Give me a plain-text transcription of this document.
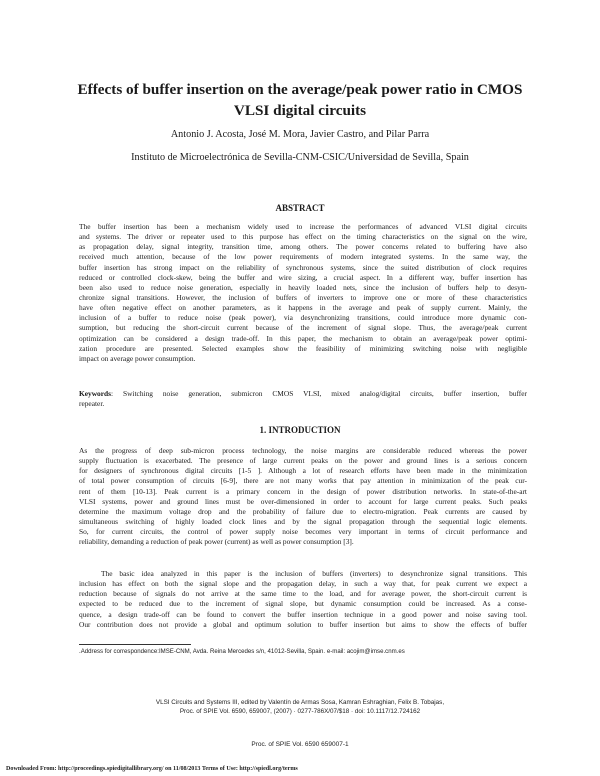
Effects of buffer insertion on the average/peak power ratio in CMOS
VLSI digital circuits
Antonio J. Acosta, José M. Mora, Javier Castro, and Pilar Parra
Instituto de Microelectrónica de Sevilla-CNM-CSIC/Universidad de Sevilla, Spain
ABSTRACT
The buffer insertion has been a mechanism widely used to increase the performances of advanced VLSI digital circuits
and systems. The driver or repeater used to this purpose has effect on the timing characteristics on the signal on the wire,
as propagation delay, signal integrity, transition time, among others. The power concerns related to buffering have also
received much attention, because of the low power requirements of modern integrated systems. In the same way, the
buffer insertion has strong impact on the reliability of synchronous systems, since the suited distribution of clock requires
reduced or controlled clock-skew, being the buffer and wire sizing, a crucial aspect. In a different way, buffer insertion has
been also used to reduce noise generation, especially in heavily loaded nets, since the inclusion of buffers help to desyn-
chronize signal transitions. However, the inclusion of buffers of inverters to improve one or more of these characteristics
have often negative effect on another parameters, as it happens in the average and peak of supply current. Mainly, the
inclusion of a buffer to reduce noise (peak power), via desynchronizing transitions, could introduce more dynamic con-
sumption, but reducing the short-circuit current because of the increment of signal slope. Thus, the average/peak current
optimization can be considered a design trade-off. In this paper, the mechanism to obtain an average/peak power optimi-
zation procedure are presented. Selected examples show the feasibility of minimizing switching noise with negligible
impact on average power consumption.
Keywords: Switching noise generation, submicron CMOS VLSI, mixed analog/digital circuits, buffer insertion, buffer
repeater.
1. INTRODUCTION
As the progress of deep sub-micron process technology, the noise margins are considerable reduced whereas the power
supply fluctuation is exacerbated. The presence of large current peaks on the power and ground lines is a serious concern
for designers of synchronous digital circuits [1-5 ]. Although a lot of research efforts have been made in the minimization
of total power consumption of circuits [6-9], there are not many works that pay attention in minimization of the peak cur-
rent of them [10-13]. Peak current is a primary concern in the design of power distribution networks. In state-of-the-art
VLSI systems, power and ground lines must be over-dimensioned in order to account for large current peaks. Such peaks
determine the maximum voltage drop and the probability of failure due to electro-migration. Peak currents are caused by
simultaneous switching of highly loaded clock lines and by the signal propagation through the sequential logic elements.
So, for current circuits, the control of power supply noise becomes very important in terms of circuit performance and
reliability, demanding a reduction of peak power (current) as well as power consumption [3].
The basic idea analyzed in this paper is the inclusion of buffers (inverters) to desynchronize signal transitions. This
inclusion has effect on both the signal slope and the propagation delay, in such a way that, for peak current we expect a
reduction because of signals do not arrive at the same time to the load, and for average power, the short-circuit current is
expected to be reduced due to the increment of signal slope, but dynamic consumption could be increased. As a conse-
quence, a design trade-off can be found to convert the buffer insertion technique in a good power and noise saving tool.
Our contribution does not provide a global and optimum solution to buffer insertion but aims to show the effects of buffer
.Address for correspondence:IMSE-CNM, Avda. Reina Mercedes s/n, 41012-Sevilla, Spain. e-mail: acojim@imse.cnm.es
VLSI Circuits and Systems III, edited by Valentín de Armas Sosa, Kamran Eshraghian, Felix B. Tobajas,
Proc. of SPIE Vol. 6590, 659007, (2007) · 0277-786X/07/$18 · doi: 10.1117/12.724162
Proc. of SPIE Vol. 6590 659007-1
Downloaded From: http://proceedings.spiedigitallibrary.org/ on 11/08/2013 Terms of Use: http://spiedl.org/terms
